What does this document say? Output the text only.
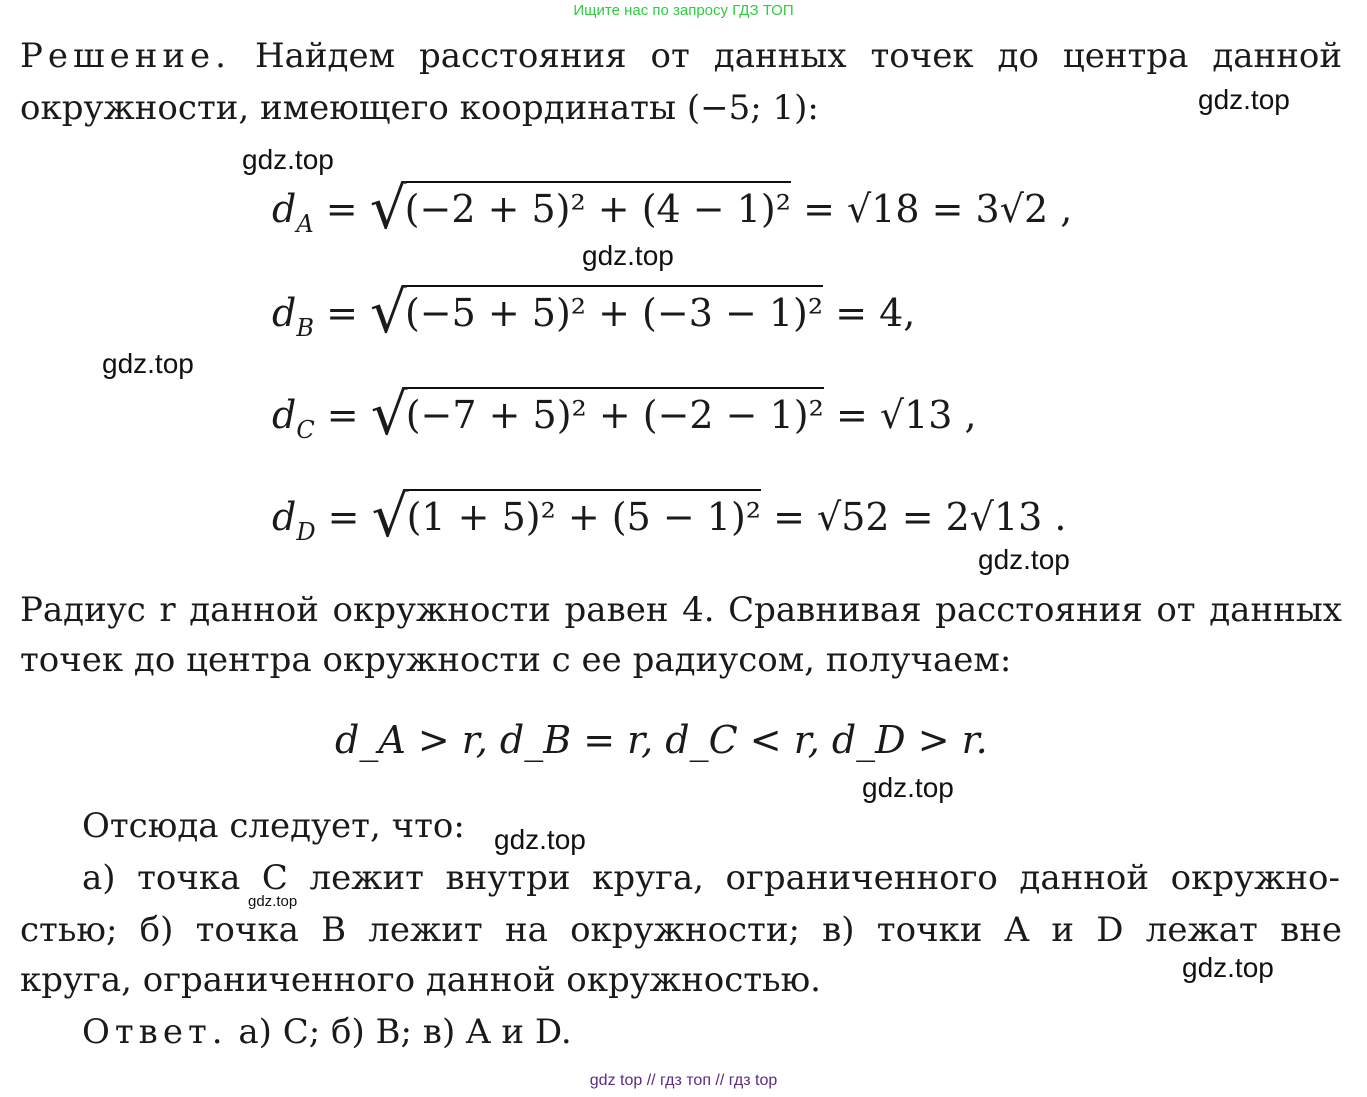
Ищите нас по запросу ГДЗ ТОП
Решение. Найдем расстояния от данных точек до центра данной
окружности, имеющего координаты (−5; 1):
$d_A = √(-2 + 5)^2 + (4 - 1)^2 = √18 = 3√2$ ,
$d_B = √(-5 + 5)^2 + (-3 - 1)^2 = 4$,
$d_C = √(-7 + 5)^2 + (-2 - 1)^2 = √13$ ,
$d_D = √(1 + 5)^2 + (5 - 1)^2 = √52 = 2√13$ .
Радиус r данной окружности равен 4. Сравнивая расстояния от данных
точек до центра окружности с ее радиусом, получаем:
d_A > r, d_B = r, d_C < r, d_D > r.
Отсюда следует, что:
а) точка C лежит внутри круга, ограниченного данной окружно-
стью; б) точка B лежит на окружности; в) точки A и D лежат вне
круга, ограниченного данной окружностью.
Ответ. а) C; б) B; в) A и D.
gdz.top
gdz.top
gdz.top
gdz.top
gdz.top
gdz.top
gdz.top
gdz.top
gdz.top
gdz top // гдз топ // гдз top
